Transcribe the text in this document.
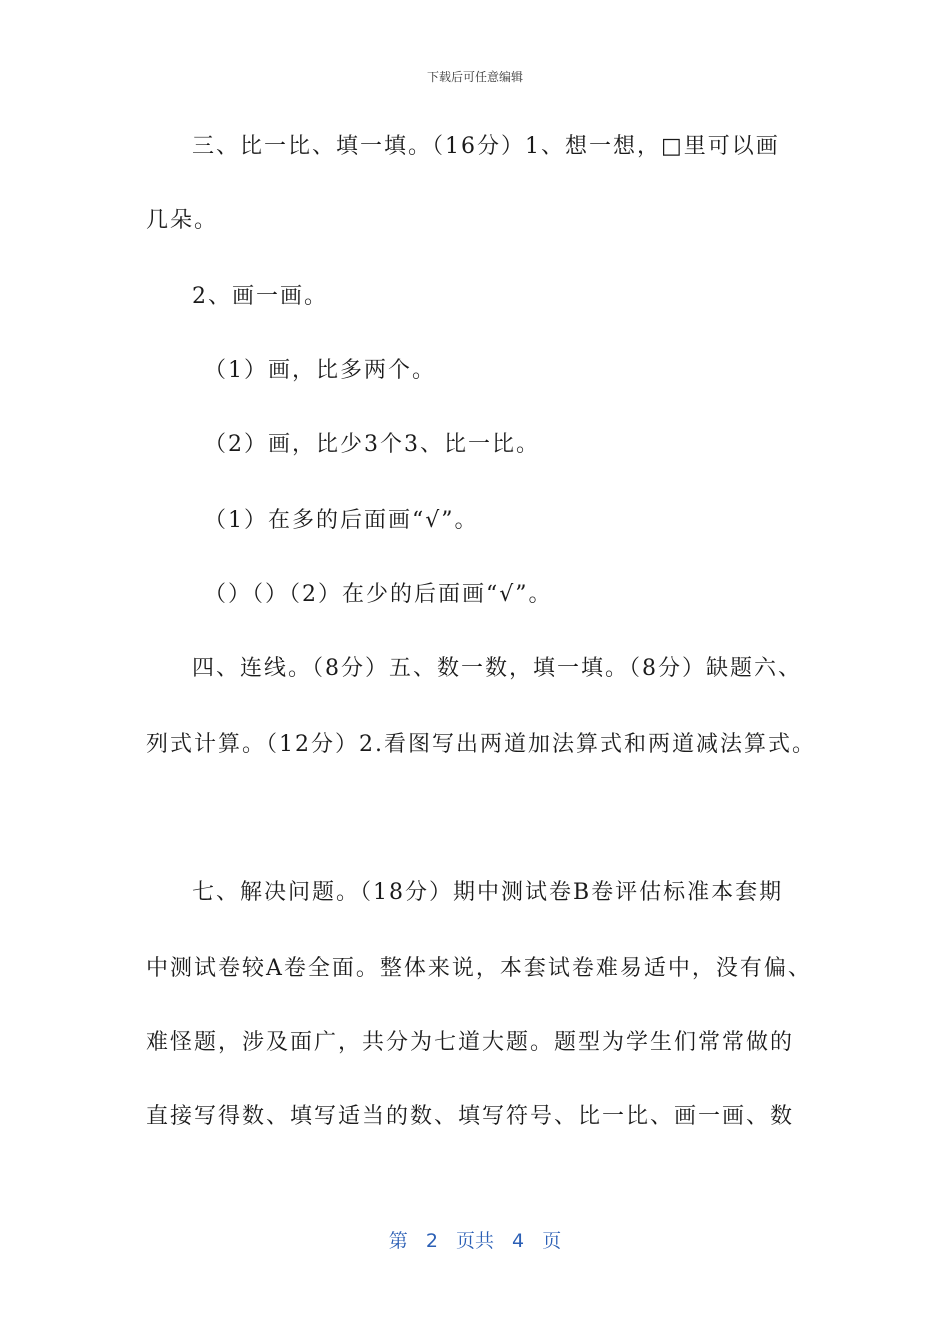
下载后可任意编辑
三、比一比、填一填。（16分）1、想一想，□里可以画
几朵。
2、画一画。
（1）画，比多两个。
（2）画，比少3个3、比一比。
（1）在多的后面画“√”。
（）（）（2）在少的后面画“√”。
四、连线。（8分）五、数一数，填一填。（8分）缺题六、
列式计算。（12分）2.看图写出两道加法算式和两道减法算式。
七、解决问题。（18分）期中测试卷B卷评估标准本套期
中测试卷较A卷全面。整体来说，本套试卷难易适中，没有偏、
难怪题，涉及面广，共分为七道大题。题型为学生们常常做的
直接写得数、填写适当的数、填写符号、比一比、画一画、数
第 2 页共 4 页
